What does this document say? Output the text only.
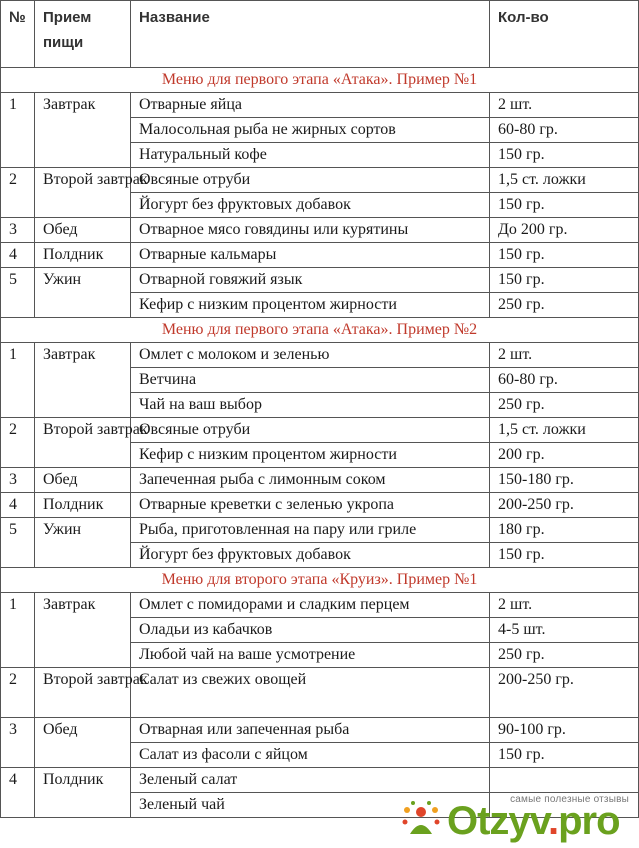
№	Прием пищи	Название	Кол-во
Меню для первого этапа «Атака». Пример №1			
1	Завтрак	Отварные яйца	2 шт.
		Малосольная рыба не жирных сортов	60-80 гр.
		Натуральный кофе	150 гр.
2	Второй завтрак	Овсяные отруби	1,5 ст. ложки
		Йогурт без фруктовых добавок	150 гр.
3	Обед	Отварное мясо говядины или курятины	До 200 гр.
4	Полдник	Отварные кальмары	150 гр.
5	Ужин	Отварной говяжий язык	150 гр.
		Кефир с низким процентом жирности	250 гр.
Меню для первого этапа «Атака». Пример №2			
1	Завтрак	Омлет с молоком и зеленью	2 шт.
		Ветчина	60-80 гр.
		Чай на ваш выбор	250 гр.
2	Второй завтрак	Овсяные отруби	1,5 ст. ложки
		Кефир с низким процентом жирности	200 гр.
3	Обед	Запеченная рыба с лимонным соком	150-180 гр.
4	Полдник	Отварные креветки с зеленью укропа	200-250 гр.
5	Ужин	Рыба, приготовленная на пару или гриле	180 гр.
		Йогурт без фруктовых добавок	150 гр.
Меню для второго этапа «Круиз». Пример №1			
1	Завтрак	Омлет с помидорами и сладким перцем	2 шт.
		Оладьи из кабачков	4-5 шт.
		Любой чай на ваше усмотрение	250 гр.
2	Второй завтрак	Салат из свежих овощей	200-250 гр.
3	Обед	Отварная или запеченная рыба	90-100 гр.
		Салат из фасоли с яйцом	150 гр.
4	Полдник	Зеленый салат	
		Зеленый чай		самые полезные отзывы
Otzyv.pro
